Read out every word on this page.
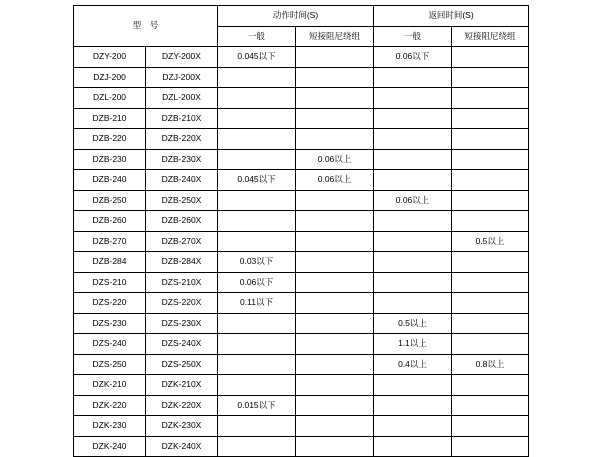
型　号		动作时间(S)		返回时间(S)	
		一般	短接阻尼绕组	一般	短接阻尼绕组
DZY-200	DZY-200X	0.045以下		0.06以下	
DZJ-200	DZJ-200X				
DZL-200	DZL-200X				
DZB-210	DZB-210X				
DZB-220	DZB-220X				
DZB-230	DZB-230X		0.06以上		
DZB-240	DZB-240X	0.045以下	0.06以上		
DZB-250	DZB-250X			0.06以上	
DZB-260	DZB-260X				
DZB-270	DZB-270X				0.5以上
DZB-284	DZB-284X	0.03以下			
DZS-210	DZS-210X	0.06以下			
DZS-220	DZS-220X	0.11以下			
DZS-230	DZS-230X			0.5以上	
DZS-240	DZS-240X			1.1以上	
DZS-250	DZS-250X			0.4以上	0.8以上
DZK-210	DZK-210X				
DZK-220	DZK-220X	0.015以下			
DZK-230	DZK-230X				
DZK-240	DZK-240X				
